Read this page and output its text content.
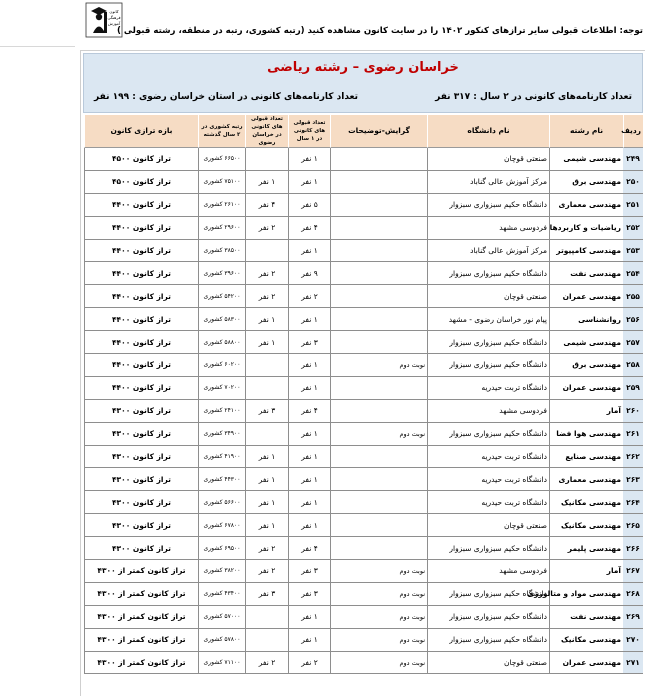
کانون
فرهنگی
آموزش
توجه: اطلاعات قبولی سایر ترازهای کنکور ۱۴۰۲ را در سایت کانون مشاهده کنید (رتبه کشوری، رتبه در منطقه، رشته قبولی )
خراسان رضوی – رشته ریاضی
تعداد کارنامه‌های کانونی در ۲ سال : ۳۱۷ نفر
تعداد کارنامه‌های کانونی در استان خراسان رضوی : ۱۹۹ نفر
ردیف	نام رشته	نام دانشگاه	گرایش-توضیحات	تعداد قبولی های کانونی در ۱ سال	تعداد قبولی های کانونی در خراسان رضوی	رتبه کشوری در ۲ سال گذشته	بازه ترازی کانون
۲۴۹	مهندسی شیمی	صنعتی قوچان		۱ نفر		۶۶۵۰۰ کشوری	تراز کانون ۴۵۰۰
۲۵۰	مهندسی برق	مرکز آموزش عالی گناباد		۱ نفر	۱ نفر	۷۵۱۰۰ کشوری	تراز کانون ۴۵۰۰
۲۵۱	مهندسی معماری	دانشگاه حکیم سبزواری سبزوار		۵ نفر	۴ نفر	۲۶۱۰۰ کشوری	تراز کانون ۴۴۰۰
۲۵۲	ریاضیات و کاربردها	فردوسی مشهد		۴ نفر	۲ نفر	۲۹۶۰۰ کشوری	تراز کانون ۴۴۰۰
۲۵۳	مهندسی کامپیوتر	مرکز آموزش عالی گناباد		۱ نفر		۳۸۵۰۰ کشوری	تراز کانون ۴۴۰۰
۲۵۴	مهندسی نفت	دانشگاه حکیم سبزواری سبزوار		۹ نفر	۲ نفر	۳۹۶۰۰ کشوری	تراز کانون ۴۴۰۰
۲۵۵	مهندسی عمران	صنعتی قوچان		۲ نفر	۲ نفر	۵۴۲۰۰ کشوری	تراز کانون ۴۴۰۰
۲۵۶	روانشناسی	پیام نور خراسان رضوی - مشهد		۱ نفر	۱ نفر	۵۸۳۰۰ کشوری	تراز کانون ۴۴۰۰
۲۵۷	مهندسی شیمی	دانشگاه حکیم سبزواری سبزوار		۳ نفر	۱ نفر	۵۸۸۰۰ کشوری	تراز کانون ۴۴۰۰
۲۵۸	مهندسی برق	دانشگاه حکیم سبزواری سبزوار	نوبت دوم	۱ نفر		۶۰۲۰۰ کشوری	تراز کانون ۴۴۰۰
۲۵۹	مهندسی عمران	دانشگاه تربت حیدریه		۱ نفر		۷۰۲۰۰ کشوری	تراز کانون ۴۴۰۰
۲۶۰	آمار	فردوسی مشهد		۴ نفر	۳ نفر	۲۴۱۰۰ کشوری	تراز کانون ۴۳۰۰
۲۶۱	مهندسی هوا فضا	دانشگاه حکیم سبزواری سبزوار	نوبت دوم	۱ نفر		۳۴۹۰۰ کشوری	تراز کانون ۴۳۰۰
۲۶۲	مهندسی صنایع	دانشگاه تربت حیدریه		۱ نفر	۱ نفر	۴۱۹۰۰ کشوری	تراز کانون ۴۳۰۰
۲۶۳	مهندسی معماری	دانشگاه تربت حیدریه		۱ نفر	۱ نفر	۴۴۳۰۰ کشوری	تراز کانون ۴۳۰۰
۲۶۴	مهندسی مکانیک	دانشگاه تربت حیدریه		۱ نفر	۱ نفر	۵۶۶۰۰ کشوری	تراز کانون ۴۳۰۰
۲۶۵	مهندسی مکانیک	صنعتی قوچان		۱ نفر	۱ نفر	۶۷۸۰۰ کشوری	تراز کانون ۴۳۰۰
۲۶۶	مهندسی پلیمر	دانشگاه حکیم سبزواری سبزوار		۴ نفر	۲ نفر	۶۹۵۰۰ کشوری	تراز کانون ۴۳۰۰
۲۶۷	آمار	فردوسی مشهد	نوبت دوم	۳ نفر	۲ نفر	۳۸۲۰۰ کشوری	تراز کانون کمتر از ۴۳۰۰
۲۶۸	مهندسی مواد و متالورژی	دانشگاه حکیم سبزواری سبزوار	نوبت دوم	۳ نفر	۳ نفر	۴۳۴۰۰ کشوری	تراز کانون کمتر از ۴۳۰۰
۲۶۹	مهندسی نفت	دانشگاه حکیم سبزواری سبزوار	نوبت دوم	۱ نفر		۵۷۰۰۰ کشوری	تراز کانون کمتر از ۴۳۰۰
۲۷۰	مهندسی مکانیک	دانشگاه حکیم سبزواری سبزوار	نوبت دوم	۱ نفر		۵۷۸۰۰ کشوری	تراز کانون کمتر از ۴۳۰۰
۲۷۱	مهندسی عمران	صنعتی قوچان	نوبت دوم	۲ نفر	۲ نفر	۷۱۱۰۰ کشوری	تراز کانون کمتر از ۴۳۰۰
